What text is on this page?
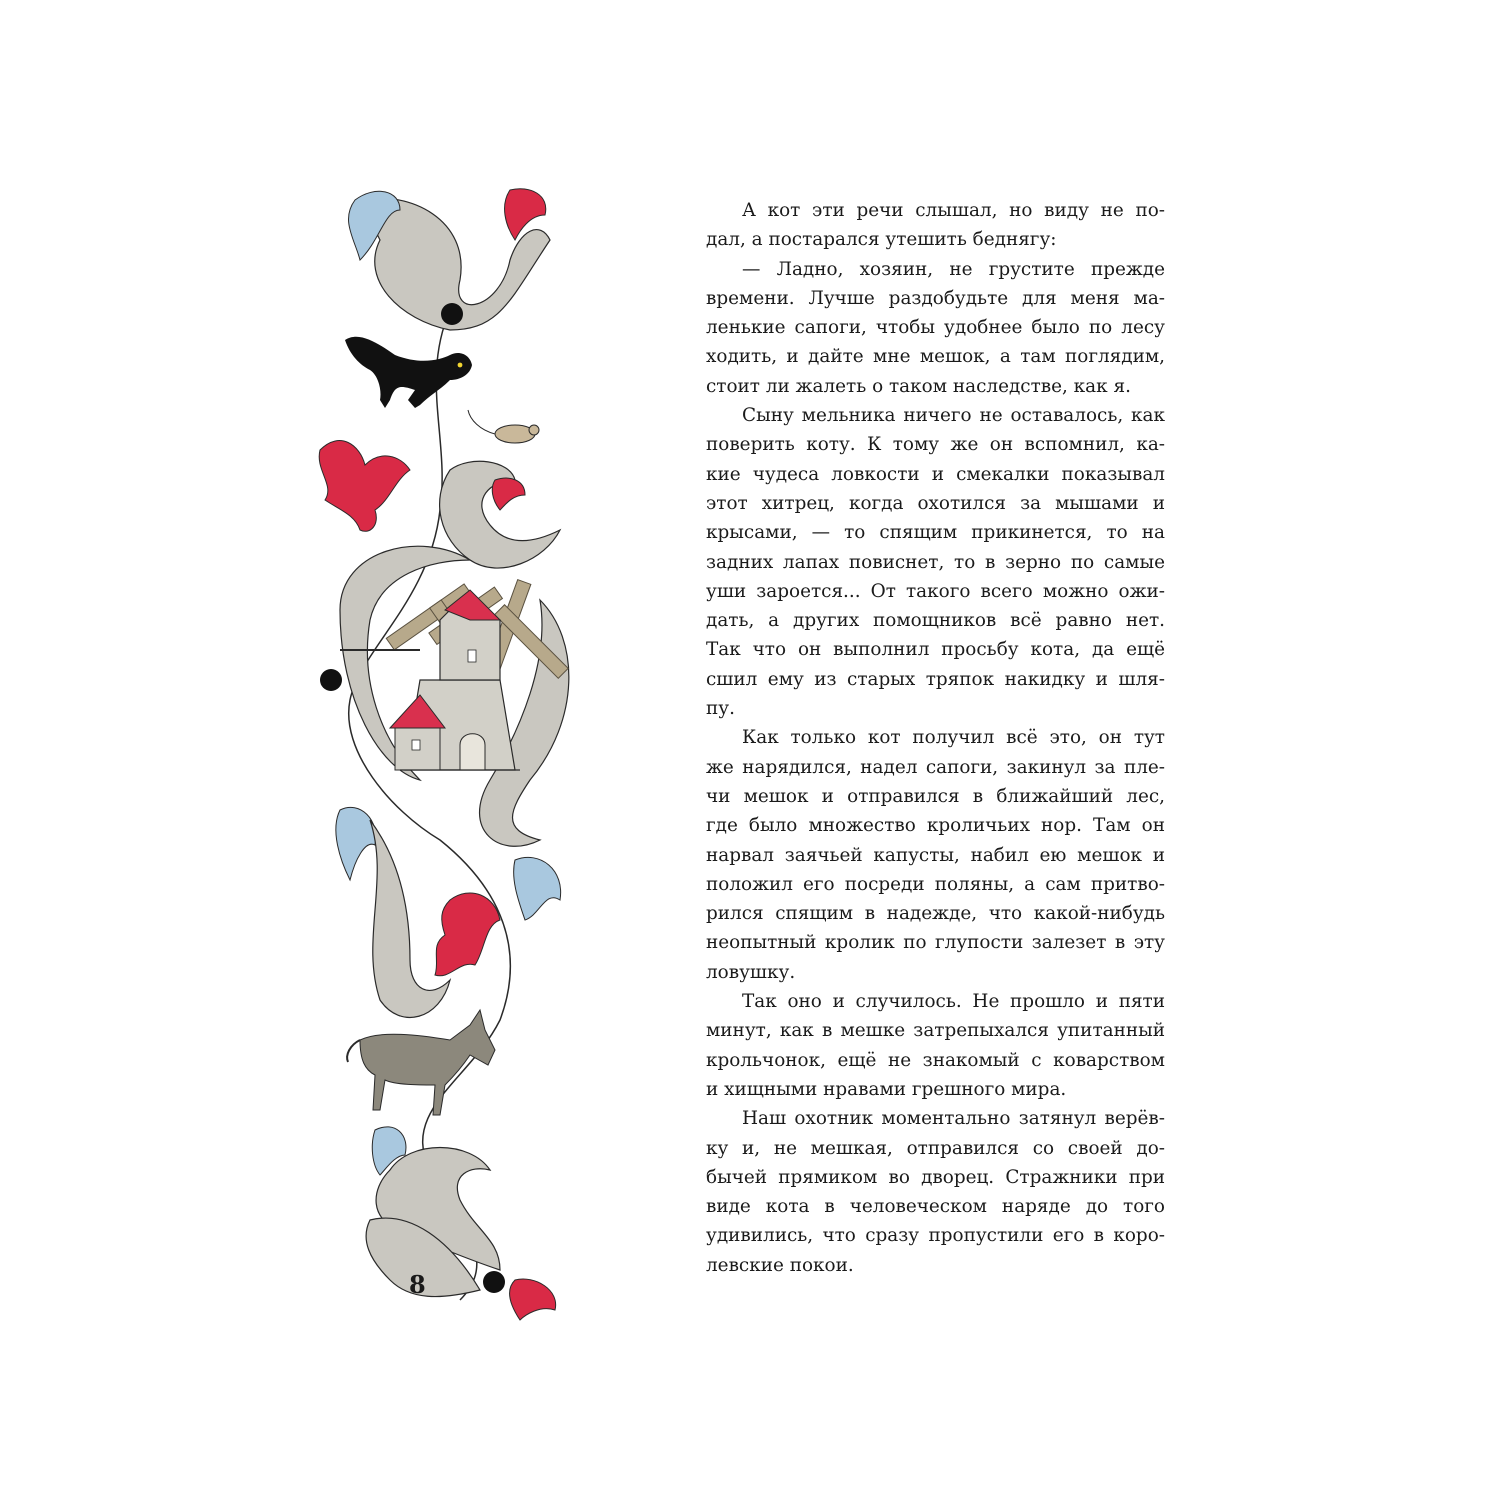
8

А кот эти речи слышал, но виду не по-
дал, а постарался утешить беднягу:

— Ладно, хозяин, не грустите прежде
времени. Лучше раздобудьте для меня ма-
ленькие сапоги, чтобы удобнее было по лесу
ходить, и дайте мне мешок, а там поглядим,
стоит ли жалеть о таком наследстве, как я.

Сыну мельника ничего не оставалось, как
поверить коту. К тому же он вспомнил, ка-
кие чудеса ловкости и смекалки показывал
этот хитрец, когда охотился за мышами и
крысами, — то спящим прикинется, то на
задних лапах повиснет, то в зерно по самые
уши зароется... От такого всего можно ожи-
дать, а других помощников всё равно нет.
Так что он выполнил просьбу кота, да ещё
сшил ему из старых тряпок накидку и шля-
пу.

Как только кот получил всё это, он тут
же нарядился, надел сапоги, закинул за пле-
чи мешок и отправился в ближайший лес,
где было множество кроличьих нор. Там он
нарвал заячьей капусты, набил ею мешок и
положил его посреди поляны, а сам притво-
рился спящим в надежде, что какой-нибудь
неопытный кролик по глупости залезет в эту
ловушку.

Так оно и случилось. Не прошло и пяти
минут, как в мешке затрепыхался упитанный
крольчонок, ещё не знакомый с коварством
и хищными нравами грешного мира.

Наш охотник моментально затянул верёв-
ку и, не мешкая, отправился со своей до-
бычей прямиком во дворец. Стражники при
виде кота в человеческом наряде до того
удивились, что сразу пропустили его в коро-
левские покои.
